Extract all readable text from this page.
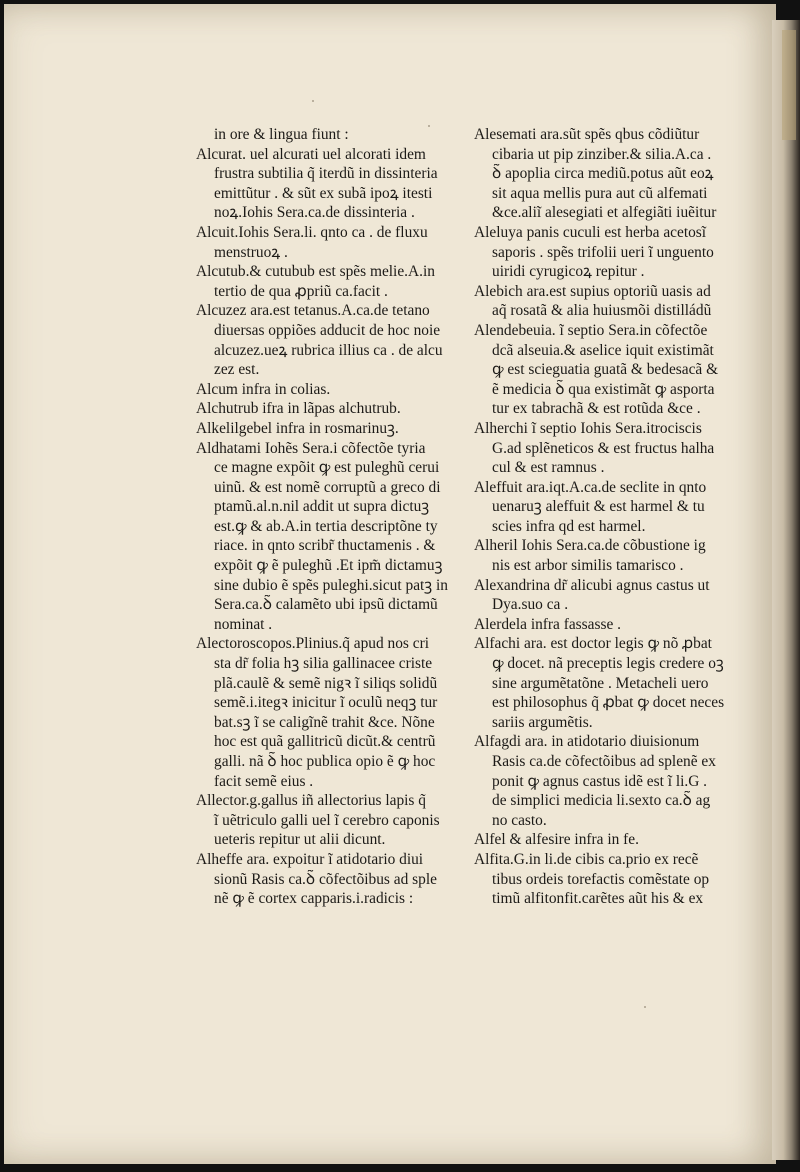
in ore & lingua fiunt :
Alcurat. uel alcurati uel alcorati idem
frustra subtilia q̃ iterdũ in dissinteria
emittũtur . & sũt ex subã ipoꝝ itesti
noꝝ.Iohis Sera.ca.de dissinteria .
Alcuit.Iohis Sera.li. qnto ca . de fluxu
menstruoꝝ .
Alcutub.& cutubub est spẽs melie.A.in
tertio de qua ꝓpriũ ca.facit .
Alcuzez ara.est tetanus.A.ca.de tetano
diuersas oppiões adducit de hoc noie
alcuzez.ueꝝ rubrica illius ca . de alcu
zez est.
Alcum infra in colias.
Alchutrub ifra in lãpas alchutrub.
Alkelilgebel infra in rosmarinuꝫ.
Aldhatami Iohẽs Sera.i cõfectõe tyria
ce magne expõit ꝙ est puleghũ cerui
uinũ. & est nomẽ corruptũ a greco di
ptamũ.al.n.nil addit ut supra dictuꝫ
est.ꝙ & ab.A.in tertia descriptõne ty
riace. in qnto scribr̃ thuctamenis . &
expõit ꝙ ẽ puleghũ .Et ipm̃ dictamuꝫ
sine dubio ẽ spẽs puleghi.sicut patꝫ in
Sera.ca.ꝺ̃ calamẽto ubi ipsũ dictamũ
nominat .
Alectoroscopos.Plinius.q̃ apud nos cri
sta dr̃ folia hꝫ silia gallinacee criste
plã.caulẽ & semẽ nigꝛ ĩ siliqs solidũ
semẽ.i.itegꝛ inicitur ĩ oculũ neqꝫ tur
bat.sꝫ ĩ se caligĩnẽ trahit &ce. Nõne
hoc est quã gallitricũ dicũt.& centrũ
galli. nã ꝺ̃ hoc publica opio ẽ ꝙ hoc
facit semẽ eius .
Allector.g.gallus iñ allectorius lapis q̃
ĩ uẽtriculo galli uel ĩ cerebro caponis
ueteris repitur ut alii dicunt.
Alheffe ara. expoitur ĩ atidotario diui
sionũ Rasis ca.ꝺ̃ cõfectõibus ad sple
nẽ ꝙ ẽ cortex capparis.i.radicis :
Alesemati ara.sũt spẽs qbus cõdiũtur
cibaria ut pip zinziber.& silia.A.ca .
ꝺ̃ apoplia circa mediũ.potus aũt eoꝝ
sit aqua mellis pura aut cũ alfemati
&ce.aliĩ alesegiati et alfegiãti iuẽitur
Aleluya panis cuculi est herba acetosĩ
saporis . spẽs trifolii ueri ĩ unguento
uiridi cyrugicoꝝ repitur .
Alebich ara.est supius optoriũ uasis ad
aq̃ rosatã & alia huiusmõi distilládũ
Alendebeuia. ĩ septio Sera.in cõfectõe
dcã alseuia.& aselice iquit existimãt
ꝙ est scieguatia guatã & bedesacã &
ẽ medicia ꝺ̃ qua existimãt ꝙ asporta
tur ex tabrachã & est rotũda &ce .
Alherchi ĩ septio Iohis Sera.itrociscis
G.ad splẽneticos & est fructus halha
cul & est ramnus .
Aleffuit ara.iqt.A.ca.de seclite in qnto
uenaruꝫ aleffuit & est harmel & tu
scies infra qd est harmel.
Alheril Iohis Sera.ca.de cõbustione ig
nis est arbor similis tamarisco .
Alexandrina dr̃ alicubi agnus castus ut
Dya.suo ca .
Alerdela infra fassasse .
Alfachi ara. est doctor legis ꝙ nõ ꝓbat
ꝙ docet. nã preceptis legis credere oꝫ
sine argumẽtatõne . Metacheli uero
est philosophus q̃ ꝓbat ꝙ docet neces
sariis argumẽtis.
Alfagdi ara. in atidotario diuisionum
Rasis ca.de cõfectõibus ad splenẽ ex
ponit ꝙ agnus castus idẽ est ĩ li.G .
de simplici medicia li.sexto ca.ꝺ̃ ag
no casto.
Alfel & alfesire infra in fe.
Alfita.G.in li.de cibis ca.prio ex recẽ
tibus ordeis torefactis comẽstate op
timũ alfitonfit.carẽtes aũt his & ex
